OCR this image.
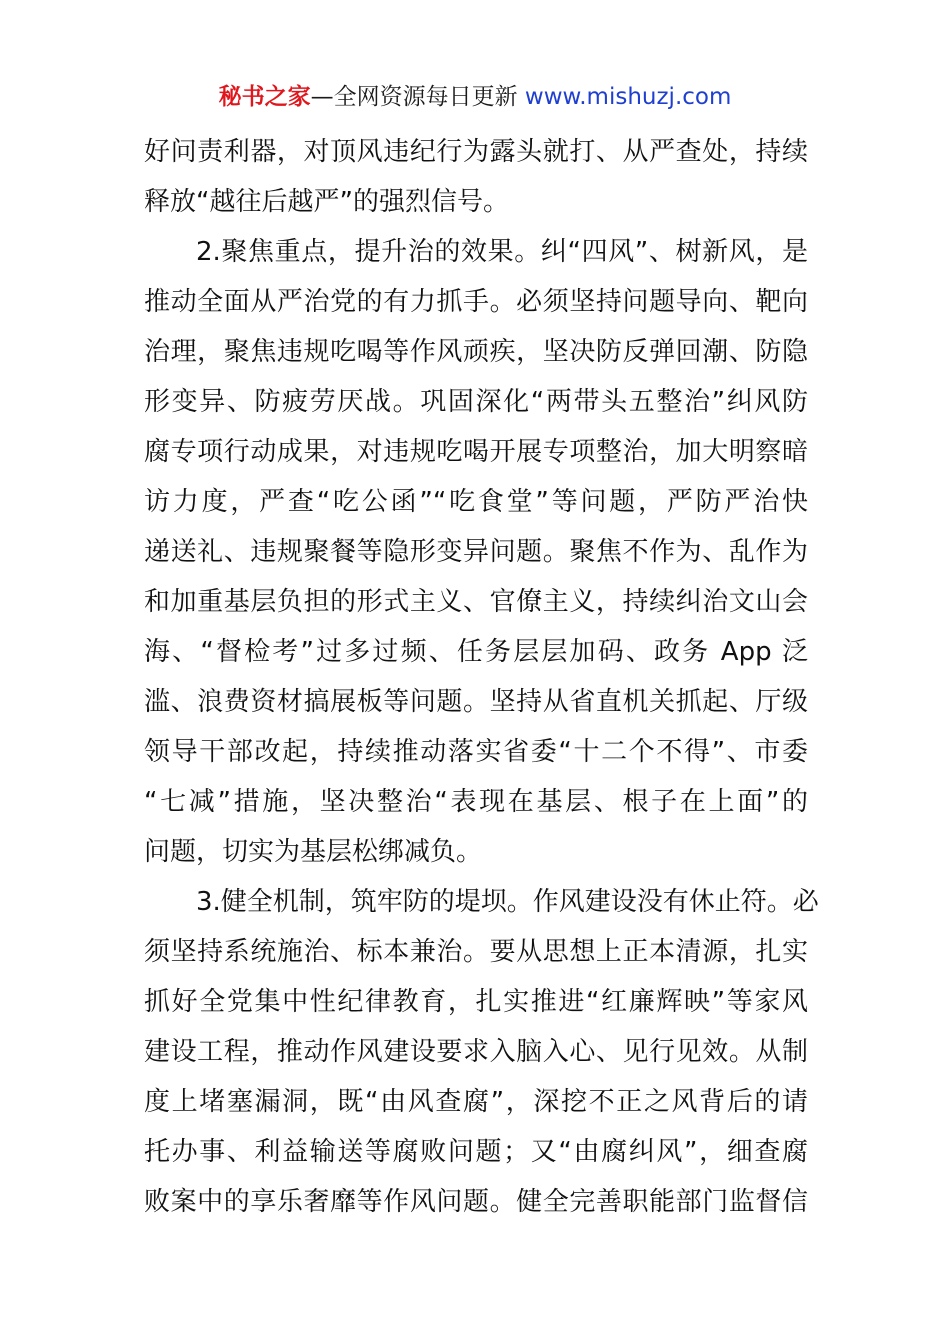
秘书之家—全网资源每日更新 www.mishuzj.com
好问责利器，对顶风违纪行为露头就打、从严查处，持续
释放“越往后越严”的强烈信号。
2.聚焦重点，提升治的效果。纠“四风”、树新风，是
推动全面从严治党的有力抓手。必须坚持问题导向、靶向
治理，聚焦违规吃喝等作风顽疾，坚决防反弹回潮、防隐
形变异、防疲劳厌战。巩固深化“两带头五整治”纠风防
腐专项行动成果，对违规吃喝开展专项整治，加大明察暗
访力度，严查“吃公函”“吃食堂”等问题，严防严治快
递送礼、违规聚餐等隐形变异问题。聚焦不作为、乱作为
和加重基层负担的形式主义、官僚主义，持续纠治文山会
海、“督检考”过多过频、任务层层加码、政务 App 泛
滥、浪费资材搞展板等问题。坚持从省直机关抓起、厅级
领导干部改起，持续推动落实省委“十二个不得”、市委
“七减”措施，坚决整治“表现在基层、根子在上面”的
问题，切实为基层松绑减负。
3.健全机制，筑牢防的堤坝。作风建设没有休止符。必
须坚持系统施治、标本兼治。要从思想上正本清源，扎实
抓好全党集中性纪律教育，扎实推进“红廉辉映”等家风
建设工程，推动作风建设要求入脑入心、见行见效。从制
度上堵塞漏洞，既“由风查腐”，深挖不正之风背后的请
托办事、利益输送等腐败问题；又“由腐纠风”，细查腐
败案中的享乐奢靡等作风问题。健全完善职能部门监督信
